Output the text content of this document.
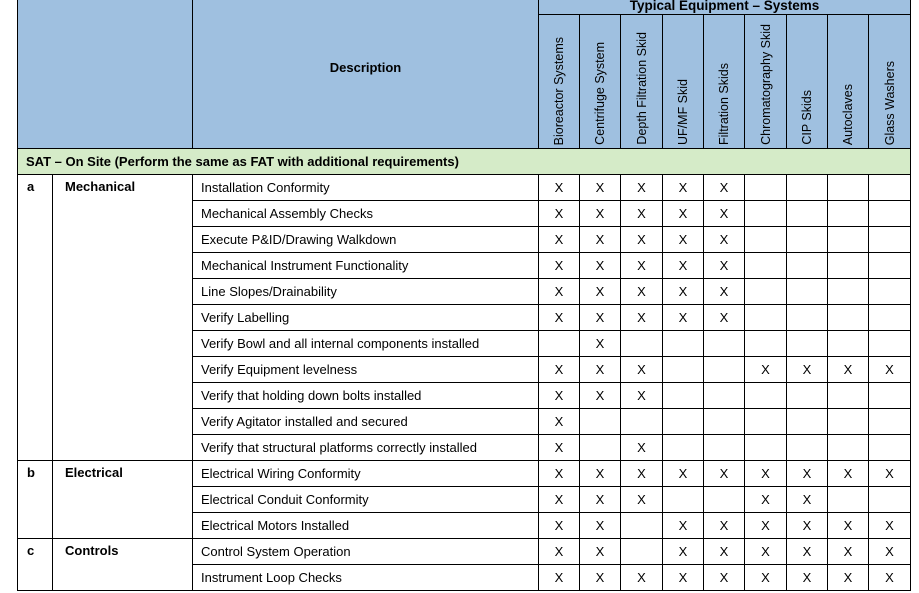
		Description	Typical Equipment – Systems								
			Bioreactor Systems	Centrifuge System	Depth Filtration Skid	UF/MF Skid	Filtration Skids	Chromatography Skid	CIP Skids	Autoclaves	Glass Washers
SAT – On Site (Perform the same as FAT with additional requirements)											
a	Mechanical	Installation Conformity	X	X	X	X	X				
		Mechanical Assembly Checks	X	X	X	X	X				
		Execute P&ID/Drawing Walkdown	X	X	X	X	X				
		Mechanical Instrument Functionality	X	X	X	X	X				
		Line Slopes/Drainability	X	X	X	X	X				
		Verify Labelling	X	X	X	X	X				
		Verify Bowl and all internal components installed		X							
		Verify Equipment levelness	X	X	X			X	X	X	X
		Verify that holding down bolts installed	X	X	X						
		Verify Agitator installed and secured	X								
		Verify that structural platforms correctly installed	X		X						
b	Electrical	Electrical Wiring Conformity	X	X	X	X	X	X	X	X	X
		Electrical Conduit Conformity	X	X	X			X	X		
		Electrical Motors Installed	X	X		X	X	X	X	X	X
c	Controls	Control System Operation	X	X		X	X	X	X	X	X
		Instrument Loop Checks	X	X	X	X	X	X	X	X	X
